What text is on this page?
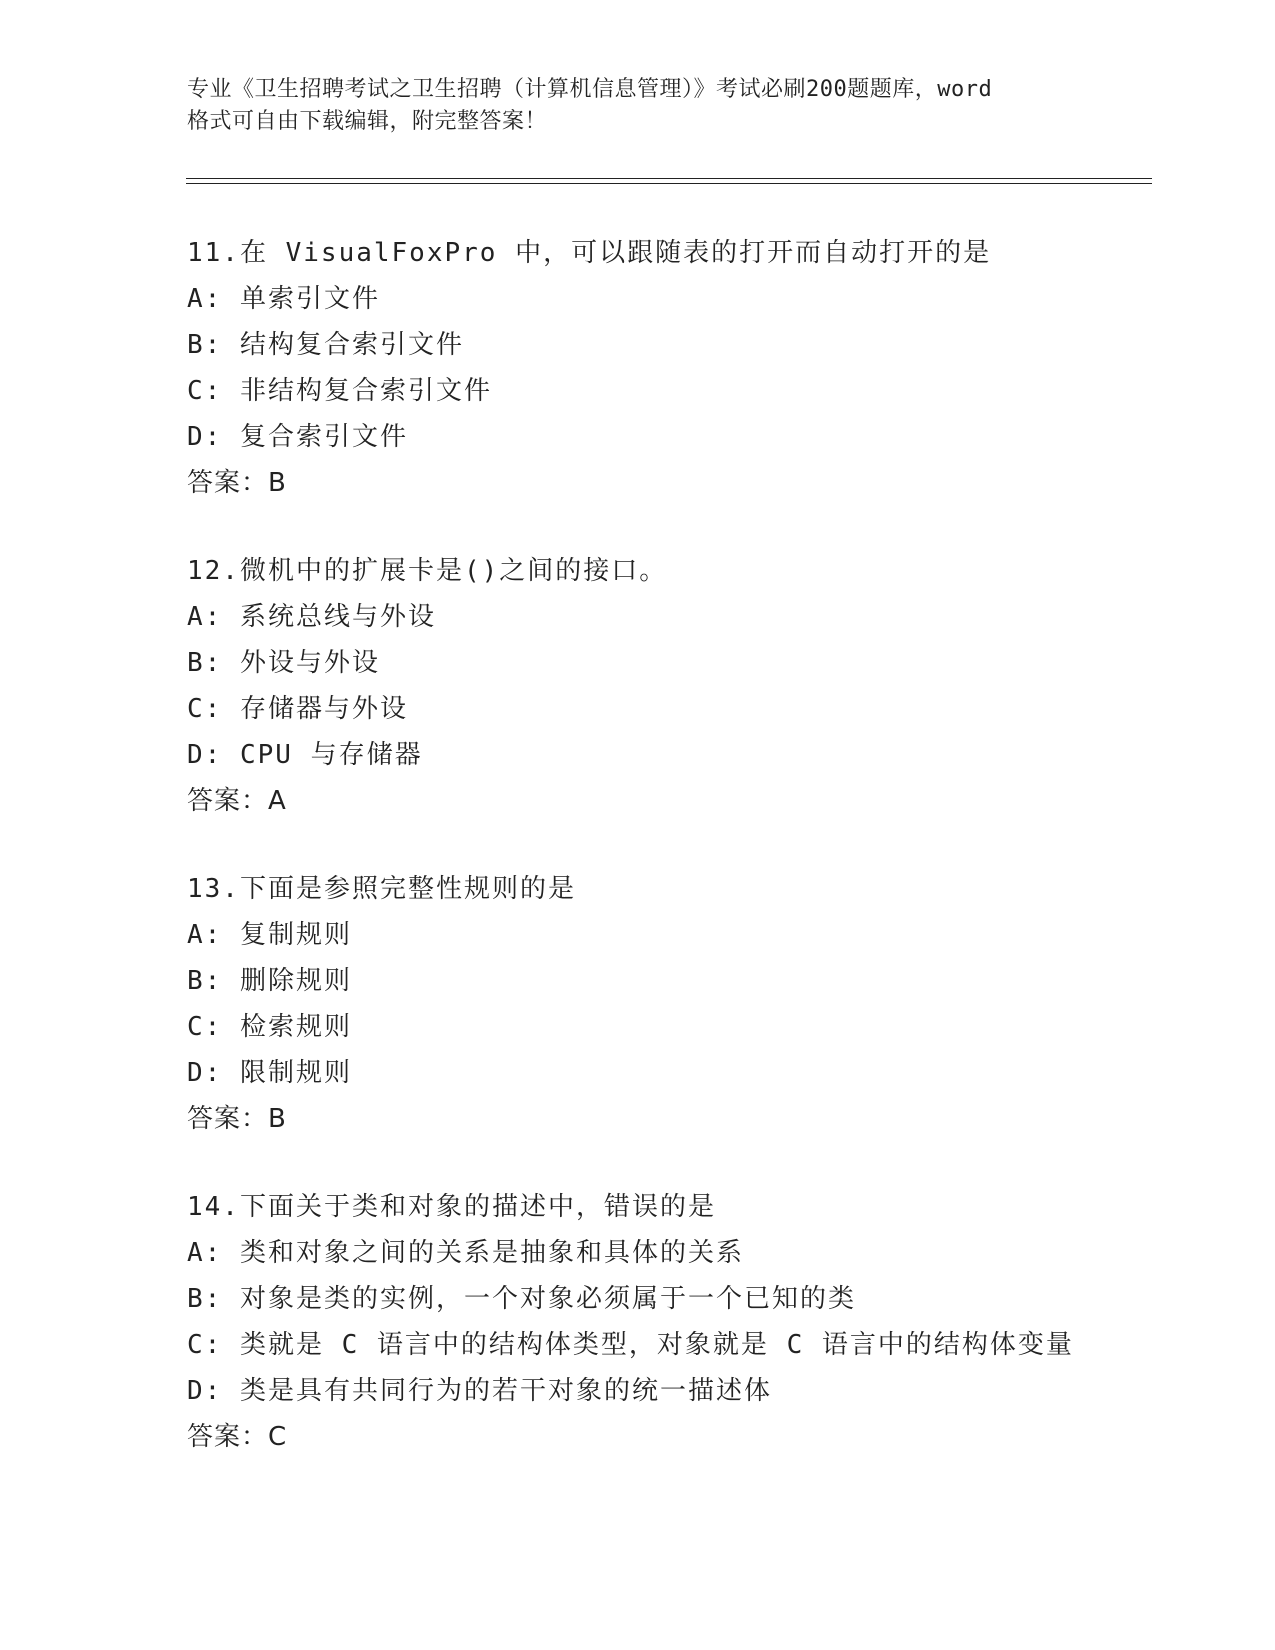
专业《卫生招聘考试之卫生招聘（计算机信息管理）》考试必刷200题题库，word
格式可自由下载编辑，附完整答案！
11.在 VisualFoxPro 中，可以跟随表的打开而自动打开的是
A: 单索引文件
B: 结构复合索引文件
C: 非结构复合索引文件
D: 复合索引文件
答案：B
12.微机中的扩展卡是()之间的接口。
A: 系统总线与外设
B: 外设与外设
C: 存储器与外设
D: CPU 与存储器
答案：A
13.下面是参照完整性规则的是
A: 复制规则
B: 删除规则
C: 检索规则
D: 限制规则
答案：B
14.下面关于类和对象的描述中，错误的是
A: 类和对象之间的关系是抽象和具体的关系
B: 对象是类的实例，一个对象必须属于一个已知的类
C: 类就是 C 语言中的结构体类型，对象就是 C 语言中的结构体变量
D: 类是具有共同行为的若干对象的统一描述体
答案：C
